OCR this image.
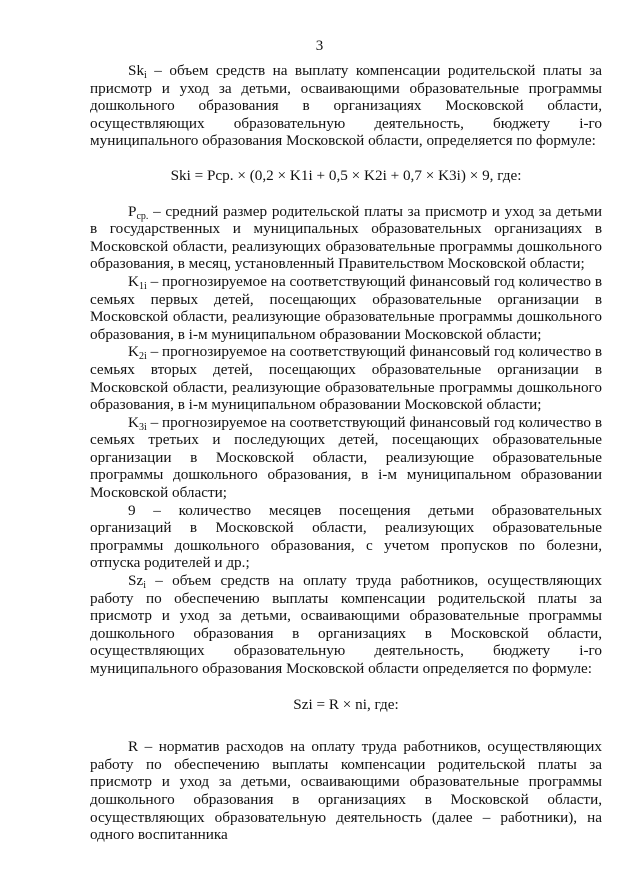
3

$Sk_i$ – объем средств на выплату компенсации родительской платы за присмотр и уход за детьми, осваивающими образовательные программы дошкольного образования в организациях Московской области, осуществляющих образовательную деятельность, бюджету i-го муниципального образования Московской области, определяется по формуле:

Ski = Pср. × (0,2 × K1i + 0,5 × K2i + 0,7 × K3i) × 9, где:

$P_{ср.}$ – средний размер родительской платы за присмотр и уход за детьми в государственных и муниципальных образовательных организациях в Московской области, реализующих образовательные программы дошкольного образования, в месяц, установленный Правительством Московской области;

$K_{1i}$ – прогнозируемое на соответствующий финансовый год количество в семьях первых детей, посещающих образовательные организации в Московской области, реализующие образовательные программы дошкольного образования, в i-м муниципальном образовании Московской области;

$K_{2i}$ – прогнозируемое на соответствующий финансовый год количество в семьях вторых детей, посещающих образовательные организации в Московской области, реализующие образовательные программы дошкольного образования, в i-м муниципальном образовании Московской области;

$K_{3i}$ – прогнозируемое на соответствующий финансовый год количество в семьях третьих и последующих детей, посещающих образовательные организации в Московской области, реализующие образовательные программы дошкольного образования, в i-м муниципальном образовании Московской области;

9 – количество месяцев посещения детьми образовательных организаций в Московской области, реализующих образовательные программы дошкольного образования, с учетом пропусков по болезни, отпуска родителей и др.;

$Sz_i$ – объем средств на оплату труда работников, осуществляющих работу по обеспечению выплаты компенсации родительской платы за присмотр и уход за детьми, осваивающими образовательные программы дошкольного образования в организациях в Московской области, осуществляющих образовательную деятельность, бюджету i-го муниципального образования Московской области определяется по формуле:

Szi = R × ni, где:

R – норматив расходов на оплату труда работников, осуществляющих работу по обеспечению выплаты компенсации родительской платы за присмотр и уход за детьми, осваивающими образовательные программы дошкольного образования в организациях в Московской области, осуществляющих образовательную деятельность (далее – работники), на одного воспитанника
